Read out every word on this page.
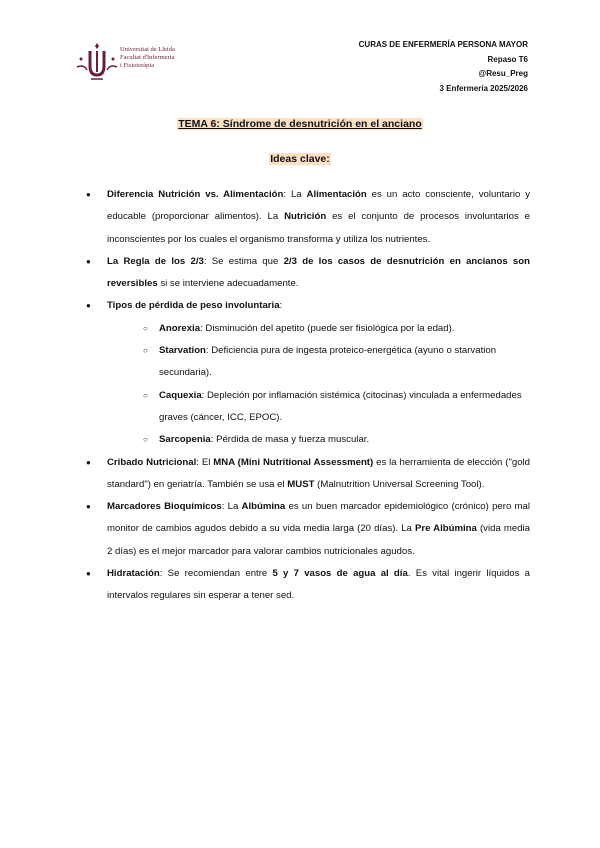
Universitat de Lleida
Facultat d'Infermeria
i Fisioteràpia
CURAS DE ENFERMERÍA PERSONA MAYOR
Repaso T6
@Resu_Preg
3 Enfermería 2025/2026
TEMA 6: Síndrome de desnutrición en el anciano
Ideas clave:
● Diferencia Nutrición vs. Alimentación: La Alimentación es un acto consciente, voluntario y educable (proporcionar alimentos). La Nutrición es el conjunto de procesos involuntarios e inconscientes por los cuales el organismo transforma y utiliza los nutrientes.
● La Regla de los 2/3: Se estima que 2/3 de los casos de desnutrición en ancianos son reversibles si se interviene adecuadamente.
● Tipos de pérdida de peso involuntaria:
○ Anorexia: Disminución del apetito (puede ser fisiológica por la edad).
○ Starvation: Deficiencia pura de ingesta proteico-energética (ayuno o starvation secundaria).
○ Caquexia: Depleción por inflamación sistémica (citocinas) vinculada a enfermedades graves (cáncer, ICC, EPOC).
○ Sarcopenia: Pérdida de masa y fuerza muscular.
● Cribado Nutricional: El MNA (Mini Nutritional Assessment) es la herramienta de elección ("gold standard") en geriatría. También se usa el MUST (Malnutrition Universal Screening Tool).
● Marcadores Bioquímicos: La Albúmina es un buen marcador epidemiológico (crónico) pero mal monitor de cambios agudos debido a su vida media larga (20 días). La Pre Albúmina (vida media 2 días) es el mejor marcador para valorar cambios nutricionales agudos.
● Hidratación: Se recomiendan entre 5 y 7 vasos de agua al día. Es vital ingerir líquidos a intervalos regulares sin esperar a tener sed.
